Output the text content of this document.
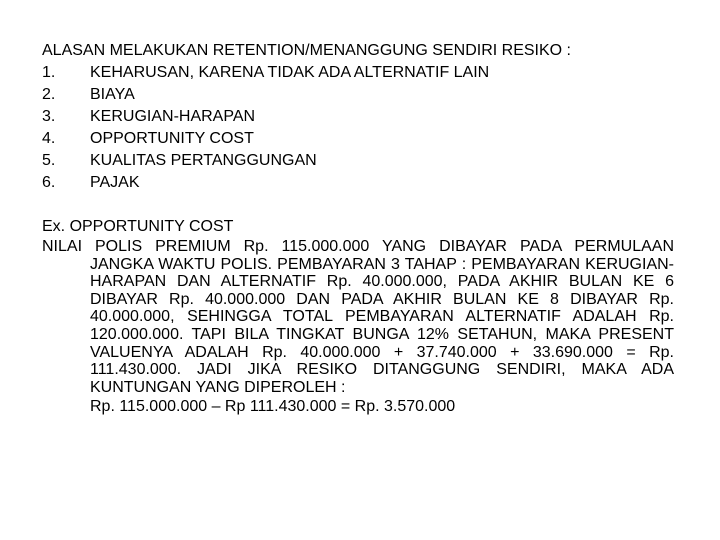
ALASAN MELAKUKAN RETENTION/MENANGGUNG SENDIRI RESIKO :
1.	KEHARUSAN, KARENA TIDAK ADA ALTERNATIF LAIN
2.	BIAYA
3.	KERUGIAN-HARAPAN
4.	OPPORTUNITY COST
5.	KUALITAS PERTANGGUNGAN
6.	PAJAK
Ex. OPPORTUNITY COST
NILAI POLIS PREMIUM Rp. 115.000.000 YANG DIBAYAR PADA PERMULAAN JANGKA WAKTU POLIS. PEMBAYARAN 3 TAHAP : PEMBAYARAN KERUGIAN-HARAPAN DAN ALTERNATIF Rp. 40.000.000, PADA AKHIR BULAN KE 6 DIBAYAR Rp. 40.000.000 DAN PADA AKHIR BULAN KE 8 DIBAYAR Rp. 40.000.000, SEHINGGA TOTAL PEMBAYARAN ALTERNATIF ADALAH Rp. 120.000.000. TAPI BILA TINGKAT BUNGA 12% SETAHUN, MAKA PRESENT VALUENYA ADALAH Rp. 40.000.000 + 37.740.000 + 33.690.000 = Rp. 111.430.000. JADI JIKA RESIKO DITANGGUNG SENDIRI, MAKA ADA KUNTUNGAN YANG DIPEROLEH :
Rp. 115.000.000 – Rp 111.430.000 = Rp. 3.570.000
